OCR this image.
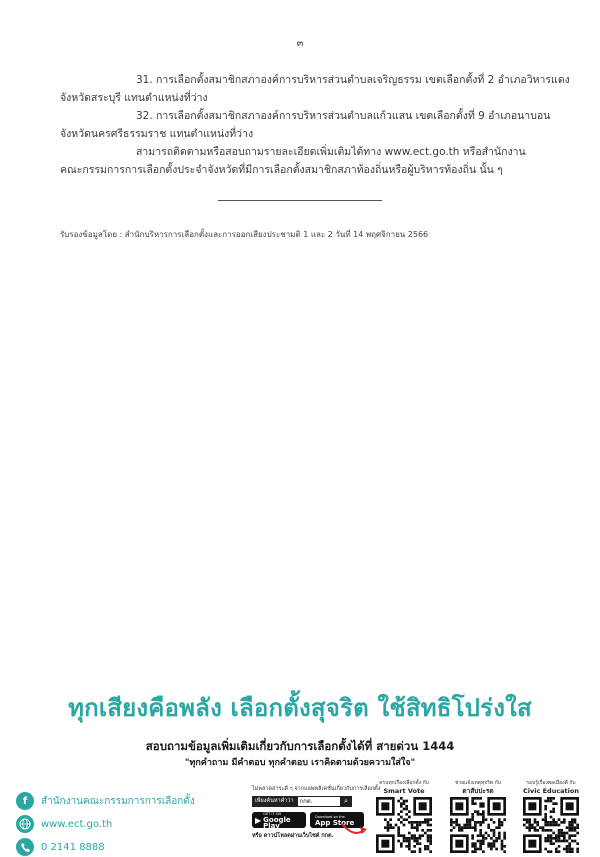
๓

31. การเลือกตั้งสมาชิกสภาองค์การบริหารส่วนตำบลเจริญธรรม เขตเลือกตั้งที่ 2 อำเภอวิหารแดง

จังหวัดสระบุรี แทนตำแหน่งที่ว่าง

32. การเลือกตั้งสมาชิกสภาองค์การบริหารส่วนตำบลแก้วแสน เขตเลือกตั้งที่ 9 อำเภอนาบอน

จังหวัดนครศรีธรรมราช แทนตำแหน่งที่ว่าง

สามารถติดตามหรือสอบถามรายละเอียดเพิ่มเติมได้ทาง www.ect.go.th หรือสำนักงาน

คณะกรรมการการเลือกตั้งประจำจังหวัดที่มีการเลือกตั้งสมาชิกสภาท้องถิ่นหรือผู้บริหารท้องถิ่น นั้น ๆ

รับรองข้อมูลโดย : สำนักบริหารการเลือกตั้งและการออกเสียงประชามติ 1 และ 2 วันที่ 14 พฤศจิกายน 2566
ทุกเสียงคือพลัง เลือกตั้งสุจริต ใช้สิทธิโปร่งใส
สอบถามข้อมูลเพิ่มเติมเกี่ยวกับการเลือกตั้งได้ที่ สายด่วน 1444
"ทุกคำถาม มีคำตอบ ทุกคำตอบ เราคิดตามด้วยความใส่ใจ"
f	สำนักงานคณะกรรมการการเลือกตั้ง
www.ect.go.th
0 2141 8888
ไม่พลาดสาระดี ๆ จากแอพพลิเคชั่นเกี่ยวกับการเลือกตั้ง
เพียงค้นหาคำว่า	กกต.	⌕
▶
GET IT ON
Google Play
Download on the
App Store
หรือ ดาวน์โหลดผ่านเว็บไซต์ กกต.
ครบทุกเรื่องเลือกตั้ง กับ
Smart Vote
ช่วยแจ้งเหตุทุจริต กับ
ตาสับปะรด
รอบรู้เรื่องพลเมืองดี กับ
Civic Education
